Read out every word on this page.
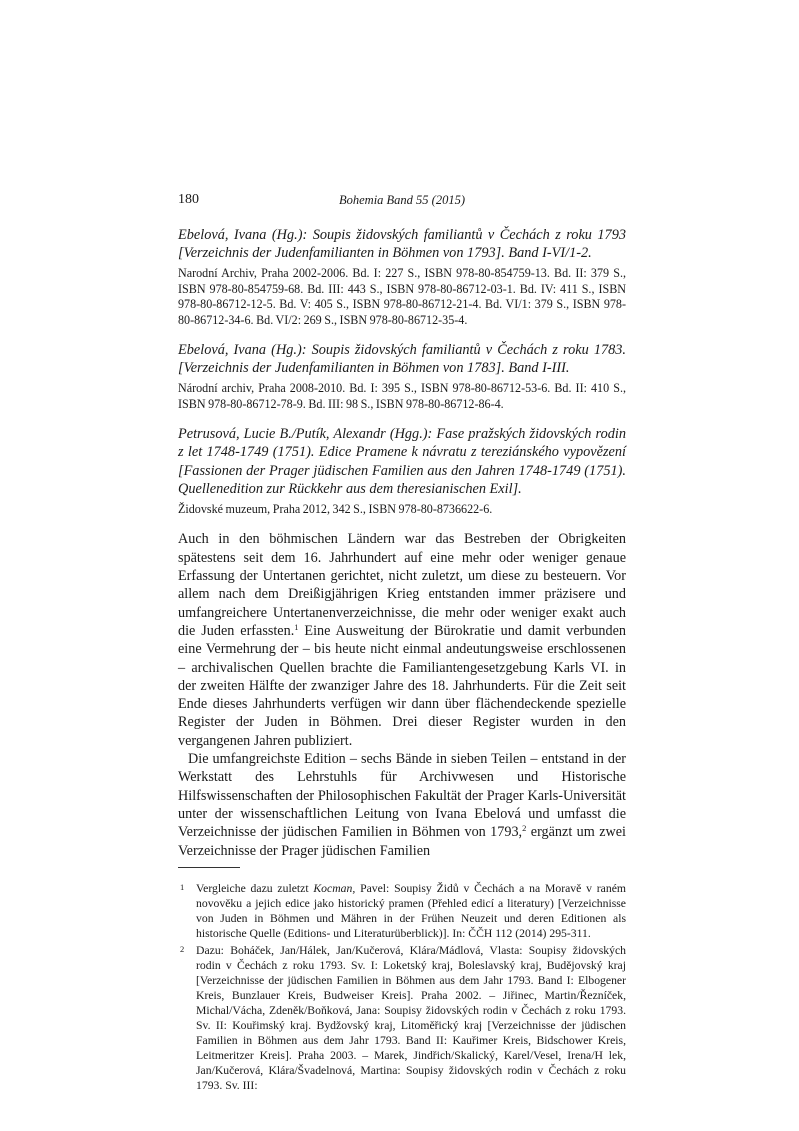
180	Bohemia Band 55 (2015)

Ebelová, Ivana (Hg.): Soupis židovských familiantů v Čechách z roku 1793 [Verzeichnis der Judenfamilianten in Böhmen von 1793]. Band I-VI/1-2.

Narodní Archiv, Praha 2002-2006. Bd. I: 227 S., ISBN 978-80-854759-13. Bd. II: 379 S., ISBN 978-80-854759-68. Bd. III: 443 S., ISBN 978-80-86712-03-1. Bd. IV: 411 S., ISBN 978-80-86712-12-5. Bd. V: 405 S., ISBN 978-80-86712-21-4. Bd. VI/1: 379 S., ISBN 978-80-86712-34-6. Bd. VI/2: 269 S., ISBN 978-80-86712-35-4.

Ebelová, Ivana (Hg.): Soupis židovských familiantů v Čechách z roku 1783. [Verzeichnis der Judenfamilianten in Böhmen von 1783]. Band I-III.

Národní archiv, Praha 2008-2010. Bd. I: 395 S., ISBN 978-80-86712-53-6. Bd. II: 410 S., ISBN 978-80-86712-78-9. Bd. III: 98 S., ISBN 978-80-86712-86-4.

Petrusová, Lucie B./Putík, Alexandr (Hgg.): Fase pražských židovských rodin z let 1748-1749 (1751). Edice Pramene k návratu z tereziánského vypovězení [Fassionen der Prager jüdischen Familien aus den Jahren 1748-1749 (1751). Quellenedition zur Rückkehr aus dem theresianischen Exil].

Židovské muzeum, Praha 2012, 342 S., ISBN 978-80-8736622-6.

Auch in den böhmischen Ländern war das Bestreben der Obrigkeiten spätestens seit dem 16. Jahrhundert auf eine mehr oder weniger genaue Erfassung der Untertanen gerichtet, nicht zuletzt, um diese zu besteuern. Vor allem nach dem Dreißigjährigen Krieg entstanden immer präzisere und umfangreichere Untertanenverzeichnisse, die mehr oder weniger exakt auch die Juden erfassten.$^1$ Eine Ausweitung der Bürokratie und damit verbunden eine Vermehrung der – bis heute nicht einmal andeutungsweise erschlossenen – archivalischen Quellen brachte die Familiantengesetzgebung Karls VI. in der zweiten Hälfte der zwanziger Jahre des 18. Jahrhunderts. Für die Zeit seit Ende dieses Jahrhunderts verfügen wir dann über flächendeckende spezielle Register der Juden in Böhmen. Drei dieser Register wurden in den vergangenen Jahren publiziert.

Die umfangreichste Edition – sechs Bände in sieben Teilen – entstand in der Werkstatt des Lehrstuhls für Archivwesen und Historische Hilfswissenschaften der Philosophischen Fakultät der Prager Karls-Universität unter der wissenschaftlichen Leitung von Ivana Ebelová und umfasst die Verzeichnisse der jüdischen Familien in Böhmen von 1793,$^2$ ergänzt um zwei Verzeichnisse der Prager jüdischen Familien

1 Vergleiche dazu zuletzt Kocman, Pavel: Soupisy Židů v Čechách a na Moravě v raném novověku a jejich edice jako historický pramen (Přehled edicí a literatury) [Verzeichnisse von Juden in Böhmen und Mähren in der Frühen Neuzeit und deren Editionen als historische Quelle (Editions- und Literaturüberblick)]. In: ČČH 112 (2014) 295-311.
2 Dazu: Boháček, Jan/Hálek, Jan/Kučerová, Klára/Mádlová, Vlasta: Soupisy židovských rodin v Čechách z roku 1793. Sv. I: Loketský kraj, Boleslavský kraj, Budějovský kraj [Verzeichnisse der jüdischen Familien in Böhmen aus dem Jahr 1793. Band I: Elbogener Kreis, Bunzlauer Kreis, Budweiser Kreis]. Praha 2002. – Jiřinec, Martin/Řezníček, Michal/Vácha, Zdeněk/Boňková, Jana: Soupisy židovských rodin v Čechách z roku 1793. Sv. II: Kouřimský kraj. Bydžovský kraj, Litoměřický kraj [Verzeichnisse der jüdischen Familien in Böhmen aus dem Jahr 1793. Band II: Kauřimer Kreis, Bidschower Kreis, Leitmeritzer Kreis]. Praha 2003. – Marek, Jindřich/Skalický, Karel/Vesel, Irena/H lek, Jan/Kučerová, Klára/Švadelnová, Martina: Soupisy židovských rodin v Čechách z roku 1793. Sv. III:
